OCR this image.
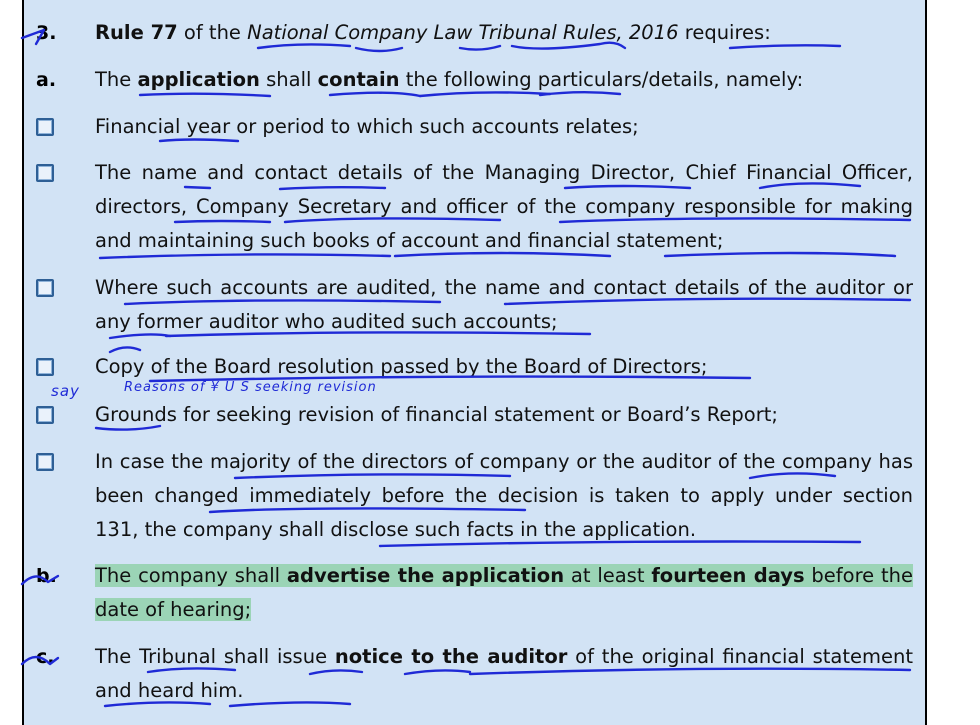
3. Rule 77 of the National Company Law Tribunal Rules, 2016 requires:
a. The application shall contain the following particulars/details, namely:
Financial year or period to which such accounts relates;
The name and contact details of the Managing Director, Chief Financial Officer, directors, Company Secretary and officer of the company responsible for making and maintaining such books of account and financial statement;
Where such accounts are audited, the name and contact details of the auditor or any former auditor who audited such accounts;
Copy of the Board resolution passed by the Board of Directors;
Grounds for seeking revision of financial statement or Board’s Report;
In case the majority of the directors of company or the auditor of the company has been changed immediately before the decision is taken to apply under section 131, the company shall disclose such facts in the application.
b. The company shall advertise the application at least fourteen days before the date of hearing;
c. The Tribunal shall issue notice to the auditor of the original financial statement and heard him.
say	Reasons of ¥ U S seeking revision
